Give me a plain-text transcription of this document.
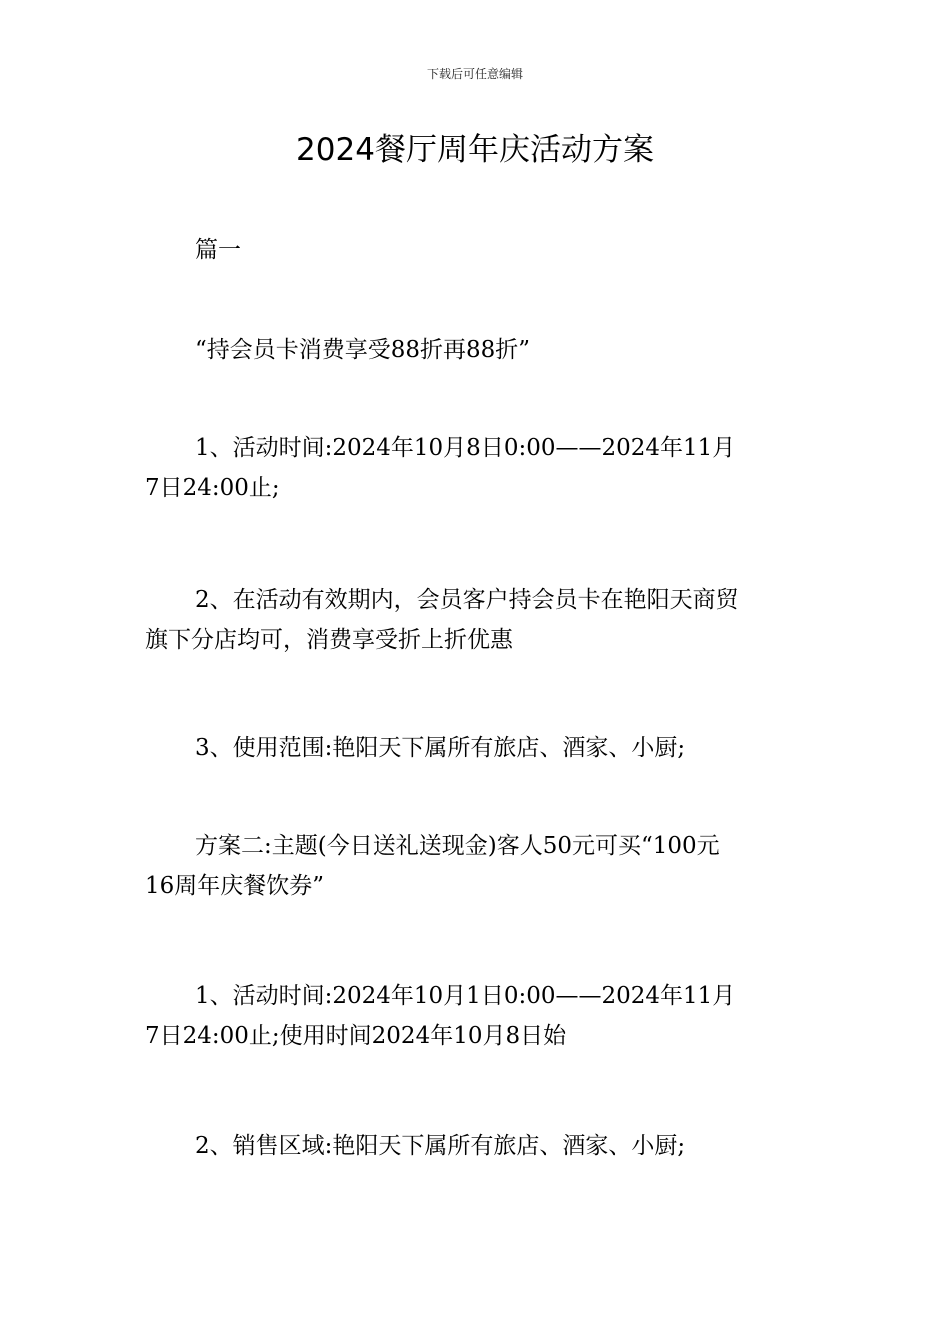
下载后可任意编辑
2024餐厅周年庆活动方案

篇一

“持会员卡消费享受88折再88折”

1、活动时间:2024年10月8日0:00——2024年11月
7日24:00止;

2、在活动有效期内，会员客户持会员卡在艳阳天商贸
旗下分店均可，消费享受折上折优惠

3、使用范围:艳阳天下属所有旅店、酒家、小厨;

方案二:主题(今日送礼送现金)客人50元可买“100元
16周年庆餐饮券”

1、活动时间:2024年10月1日0:00——2024年11月
7日24:00止;使用时间2024年10月8日始

2、销售区域:艳阳天下属所有旅店、酒家、小厨;
